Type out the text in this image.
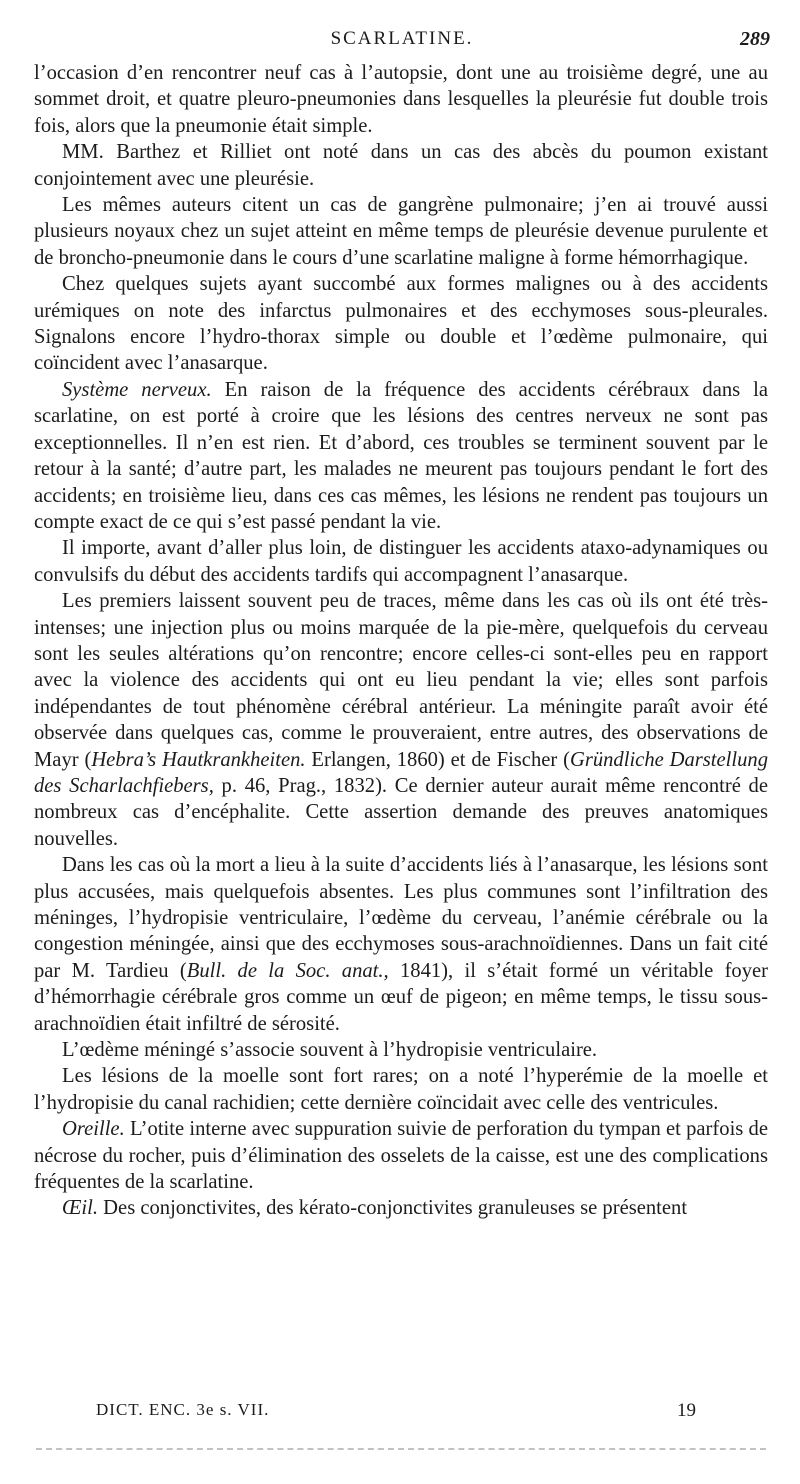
SCARLATINE.	289

l’occasion d’en rencontrer neuf cas à l’autopsie, dont une au troisième degré, une au sommet droit, et quatre pleuro-pneumonies dans lesquelles la pleurésie fut double trois fois, alors que la pneumonie était simple.

MM. Barthez et Rilliet ont noté dans un cas des abcès du poumon existant conjointement avec une pleurésie.

Les mêmes auteurs citent un cas de gangrène pulmonaire; j’en ai trouvé aussi plusieurs noyaux chez un sujet atteint en même temps de pleurésie devenue purulente et de broncho-pneumonie dans le cours d’une scarlatine maligne à forme hémorrhagique.

Chez quelques sujets ayant succombé aux formes malignes ou à des accidents urémiques on note des infarctus pulmonaires et des ecchymoses sous-pleurales. Signalons encore l’hydro-thorax simple ou double et l’œdème pulmonaire, qui coïncident avec l’anasarque.

Système nerveux. En raison de la fréquence des accidents cérébraux dans la scarlatine, on est porté à croire que les lésions des centres nerveux ne sont pas exceptionnelles. Il n’en est rien. Et d’abord, ces troubles se terminent souvent par le retour à la santé; d’autre part, les malades ne meurent pas toujours pendant le fort des accidents; en troisième lieu, dans ces cas mêmes, les lésions ne rendent pas toujours un compte exact de ce qui s’est passé pendant la vie.

Il importe, avant d’aller plus loin, de distinguer les accidents ataxo-adynamiques ou convulsifs du début des accidents tardifs qui accompagnent l’anasarque.

Les premiers laissent souvent peu de traces, même dans les cas où ils ont été très-intenses; une injection plus ou moins marquée de la pie-mère, quelquefois du cerveau sont les seules altérations qu’on rencontre; encore celles-ci sont-elles peu en rapport avec la violence des accidents qui ont eu lieu pendant la vie; elles sont parfois indépendantes de tout phénomène cérébral antérieur. La méningite paraît avoir été observée dans quelques cas, comme le prouveraient, entre autres, des observations de Mayr (Hebra’s Hautkrankheiten. Erlangen, 1860) et de Fischer (Gründliche Darstellung des Scharlachfiebers, p. 46, Prag., 1832). Ce dernier auteur aurait même rencontré de nombreux cas d’encéphalite. Cette assertion demande des preuves anatomiques nouvelles.

Dans les cas où la mort a lieu à la suite d’accidents liés à l’anasarque, les lésions sont plus accusées, mais quelquefois absentes. Les plus communes sont l’infiltration des méninges, l’hydropisie ventriculaire, l’œdème du cerveau, l’anémie cérébrale ou la congestion méningée, ainsi que des ecchymoses sous-arachnoïdiennes. Dans un fait cité par M. Tardieu (Bull. de la Soc. anat., 1841), il s’était formé un véritable foyer d’hémorrhagie cérébrale gros comme un œuf de pigeon; en même temps, le tissu sous-arachnoïdien était infiltré de sérosité.

L’œdème méningé s’associe souvent à l’hydropisie ventriculaire.

Les lésions de la moelle sont fort rares; on a noté l’hyperémie de la moelle et l’hydropisie du canal rachidien; cette dernière coïncidait avec celle des ventricules.

Oreille. L’otite interne avec suppuration suivie de perforation du tympan et parfois de nécrose du rocher, puis d’élimination des osselets de la caisse, est une des complications fréquentes de la scarlatine.

Œil. Des conjonctivites, des kérato-conjonctivites granuleuses se présentent

DICT. ENC. 3e s. VII.	19
